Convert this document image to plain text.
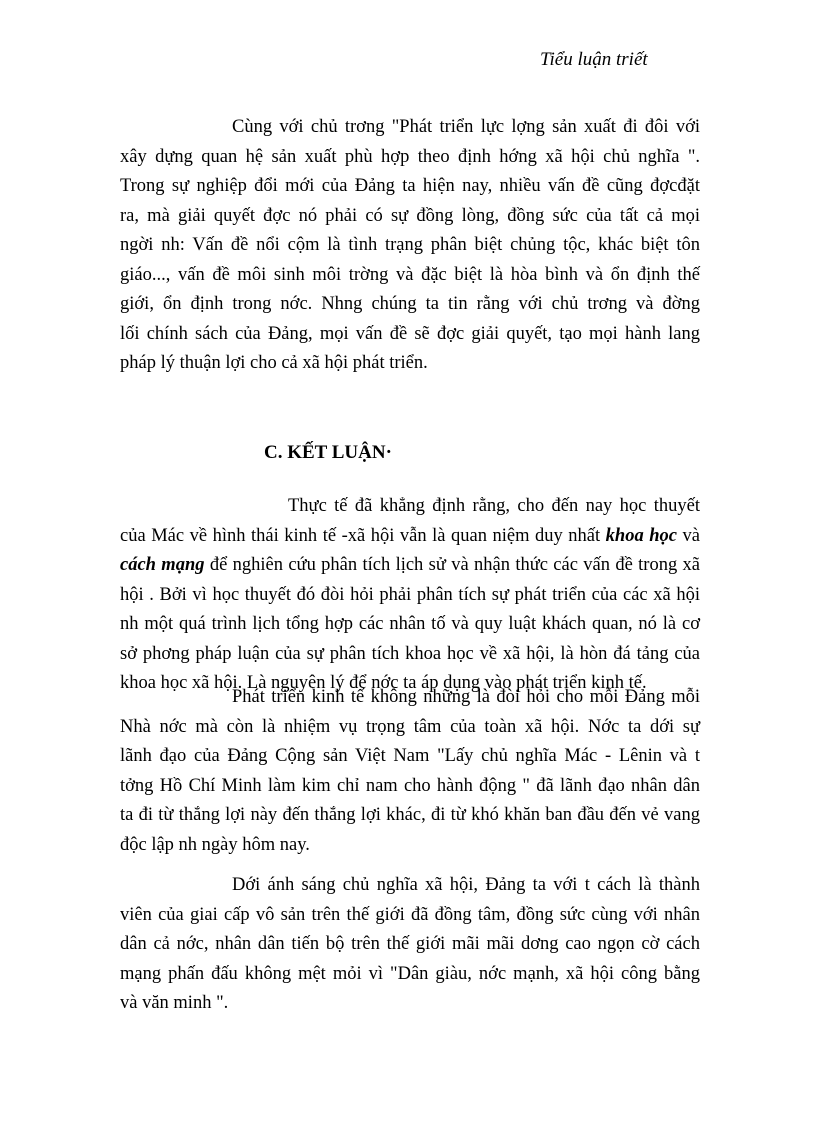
Tiểu luận triết
Cùng với chủ trơng "Phát triển lực lợng sản xuất đi đôi với
xây dựng quan hệ sản xuất phù hợp theo định hớng xã hội chủ nghĩa ".
Trong sự nghiệp đổi mới của Đảng ta hiện nay, nhiều vấn đề cũng đợcđặt
ra, mà giải quyết đợc nó phải có sự đồng lòng, đồng sức của tất cả mọi
ngời nh: Vấn đề nổi cộm là tình trạng phân biệt chủng tộc, khác biệt tôn
giáo..., vấn đề môi sinh môi trờng và đặc biệt là hòa bình và ổn định thế
giới, ổn định trong nớc. Nhng chúng ta tin rằng với chủ trơng và đờng
lối chính sách của Đảng, mọi vấn đề sẽ đợc giải quyết, tạo mọi hành lang
pháp lý thuận lợi cho cả xã hội phát triển.
C. KẾT LUẬN·
Thực tế đã khẳng định rằng, cho đến nay học thuyết
của Mác về hình thái kinh tế -xã hội vẫn là quan niệm duy nhất khoa học và
cách mạng để nghiên cứu phân tích lịch sử và nhận thức các vấn đề trong xã
hội . Bởi vì học thuyết đó đòi hỏi phải phân tích sự phát triển của các xã hội
nh một quá trình lịch tổng hợp các nhân tố và quy luật khách quan, nó là cơ
sở phơng pháp luận của sự phân tích khoa học về xã hội, là hòn đá tảng của
khoa học xã hội. Là nguyên lý để nớc ta áp dụng vào phát triển kinh tế.
Phát triển kinh tế không những là đòi hỏi cho mỗi Đảng mỗi
Nhà nớc mà còn là nhiệm vụ trọng tâm của toàn xã hội. Nớc ta dới sự
lãnh đạo của Đảng Cộng sản Việt Nam "Lấy chủ nghĩa Mác - Lênin và t
tởng Hồ Chí Minh làm kim chỉ nam cho hành động " đã lãnh đạo nhân dân
ta đi từ thắng lợi này đến thắng lợi khác, đi từ khó khăn ban đầu đến vẻ vang
độc lập nh ngày hôm nay.
Dới ánh sáng chủ nghĩa xã hội, Đảng ta với t cách là thành
viên của giai cấp vô sản trên thế giới đã đồng tâm, đồng sức cùng với nhân
dân cả nớc, nhân dân tiến bộ trên thế giới mãi mãi dơng cao ngọn cờ cách
mạng phấn đấu không mệt mỏi vì "Dân giàu, nớc mạnh, xã hội công bằng
và văn minh ".
